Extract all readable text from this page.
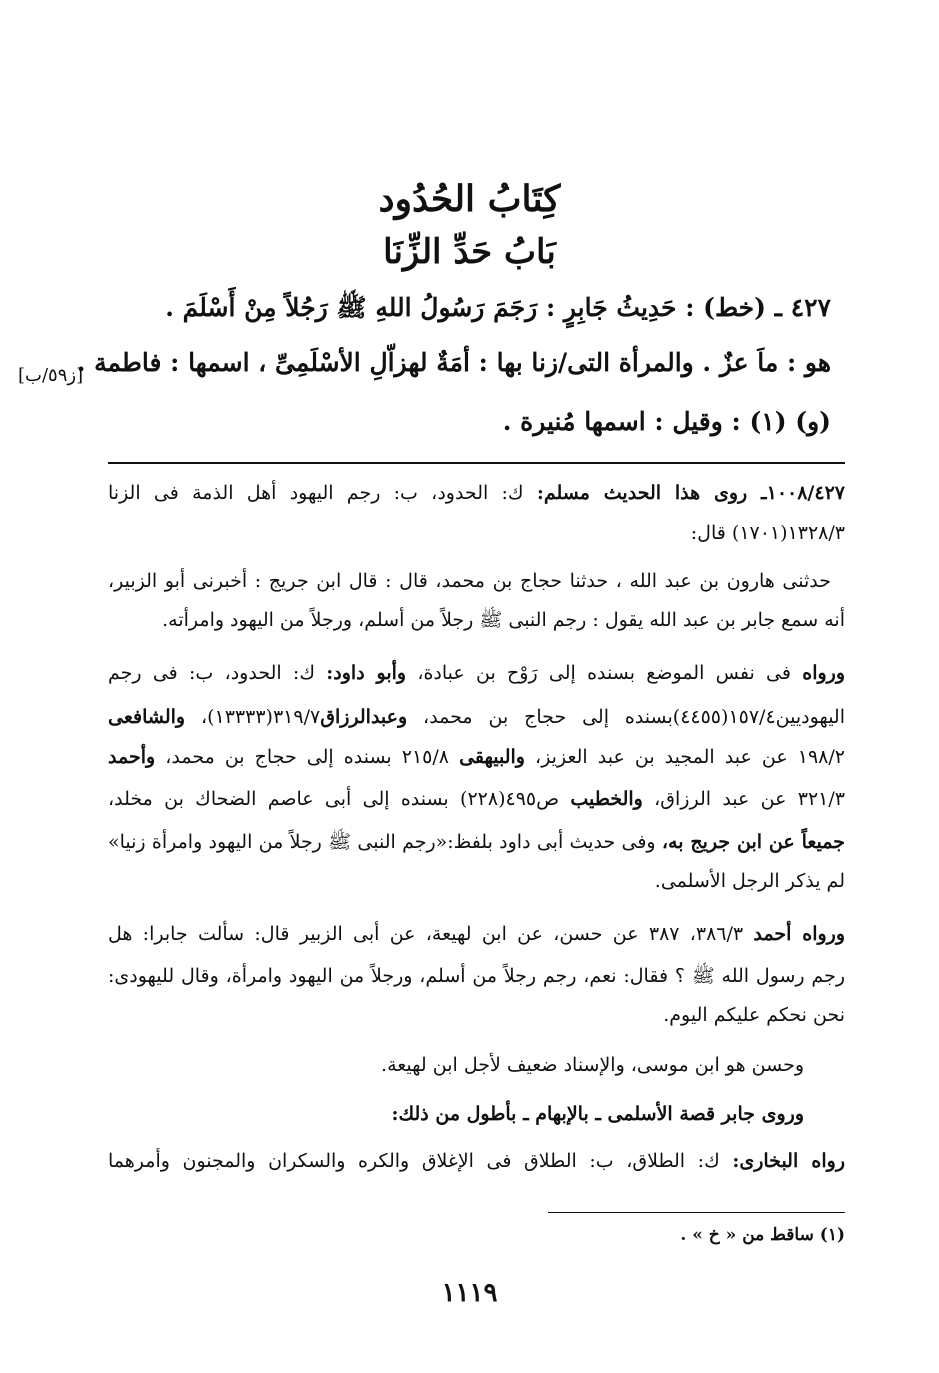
كِتَابُ الحُدُود
بَابُ حَدِّ الزِّنَا
٤٢٧ ـ (خط) : حَدِيثُ جَابِرٍ : رَجَمَ رَسُولُ اللهِ ﷺ رَجُلاً مِنْ أَسْلَمَ .
هو : ماَ عزٌ . والمرأة التى/زنا بها : أمَةٌ لهزاّلِ الأسْلَمِىِّ ، اسمها : فاطمة .
(و) (١) : وقيل : اسمها مُنيرة .
[ز٥٩/ب]
١٠٠٨/٤٢٧ـ روى هذا الحديث مسلم: ك: الحدود، ب: رجم اليهود أهل الذمة فى الزنا
١٣٢٨/٣(١٧٠١) قال:
حدثنى هارون بن عبد الله ، حدثنا حجاج بن محمد، قال : قال ابن جريج : أخبرنى أبو الزبير،
أنه سمع جابر بن عبد الله يقول : رجم النبى ﷺ رجلاً من أسلم، ورجلاً من اليهود وامرأته.
ورواه فى نفس الموضع بسنده إلى رَوْح بن عبادة، وأبو داود: ك: الحدود، ب: فى رجم
اليهوديين١٥٧/٤(٤٤٥٥)بسنده إلى حجاج بن محمد، وعبدالرزاق٣١٩/٧(١٣٣٣٣)، والشافعى
١٩٨/٢ عن عبد المجيد بن عبد العزيز، والبيهقى ٢١٥/٨ بسنده إلى حجاج بن محمد، وأحمد
٣٢١/٣ عن عبد الرزاق، والخطيب ص٤٩٥(٢٢٨) بسنده إلى أبى عاصم الضحاك بن مخلد،
جميعاً عن ابن جريج به، وفى حديث أبى داود بلفظ:«رجم النبى ﷺ رجلاً من اليهود وامرأة زنيا»
لم يذكر الرجل الأسلمى.
ورواه أحمد ٣٨٦/٣، ٣٨٧ عن حسن، عن ابن لهيعة، عن أبى الزبير قال: سألت جابرا: هل
رجم رسول الله ﷺ ؟ فقال: نعم، رجم رجلاً من أسلم، ورجلاً من اليهود وامرأة، وقال لليهودى:
نحن نحكم عليكم اليوم.
وحسن هو ابن موسى، والإسناد ضعيف لأجل ابن لهيعة.
وروى جابر قصة الأسلمى ـ بالإبهام ـ بأطول من ذلك:
رواه البخارى: ك: الطلاق، ب: الطلاق فى الإغلاق والكره والسكران والمجنون وأمرهما
(١) ساقط من « خ » .
١١١٩
